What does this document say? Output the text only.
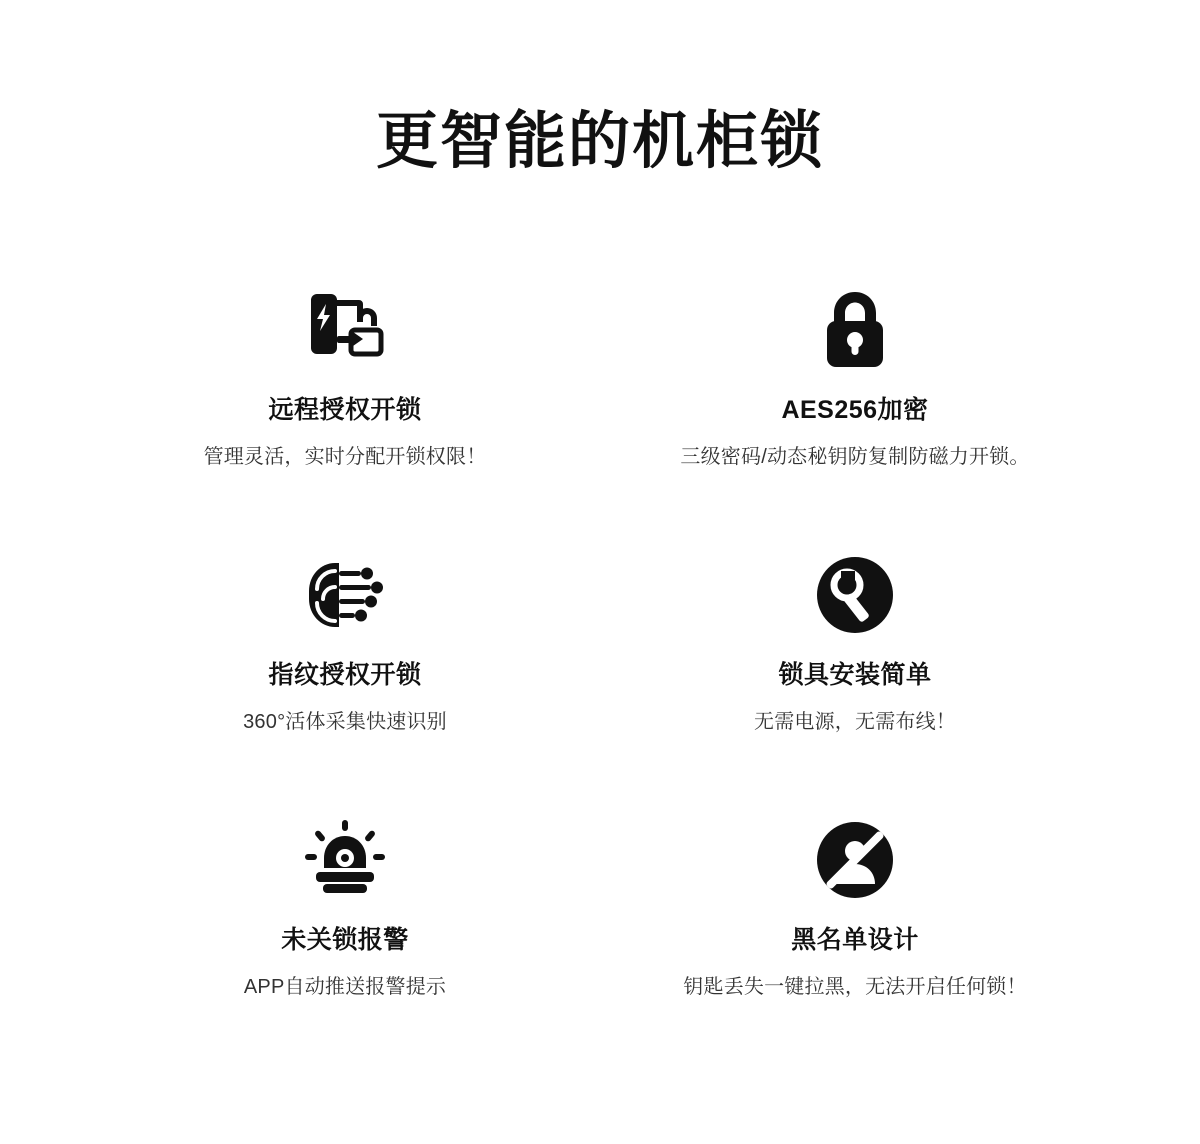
更智能的机柜锁
远程授权开锁
管理灵活，实时分配开锁权限！
AES256加密
三级密码/动态秘钥防复制防磁力开锁。
指纹授权开锁
360°活体采集快速识别
锁具安装简单
无需电源，无需布线！
未关锁报警
APP自动推送报警提示
黑名单设计
钥匙丢失一键拉黑，无法开启任何锁！
